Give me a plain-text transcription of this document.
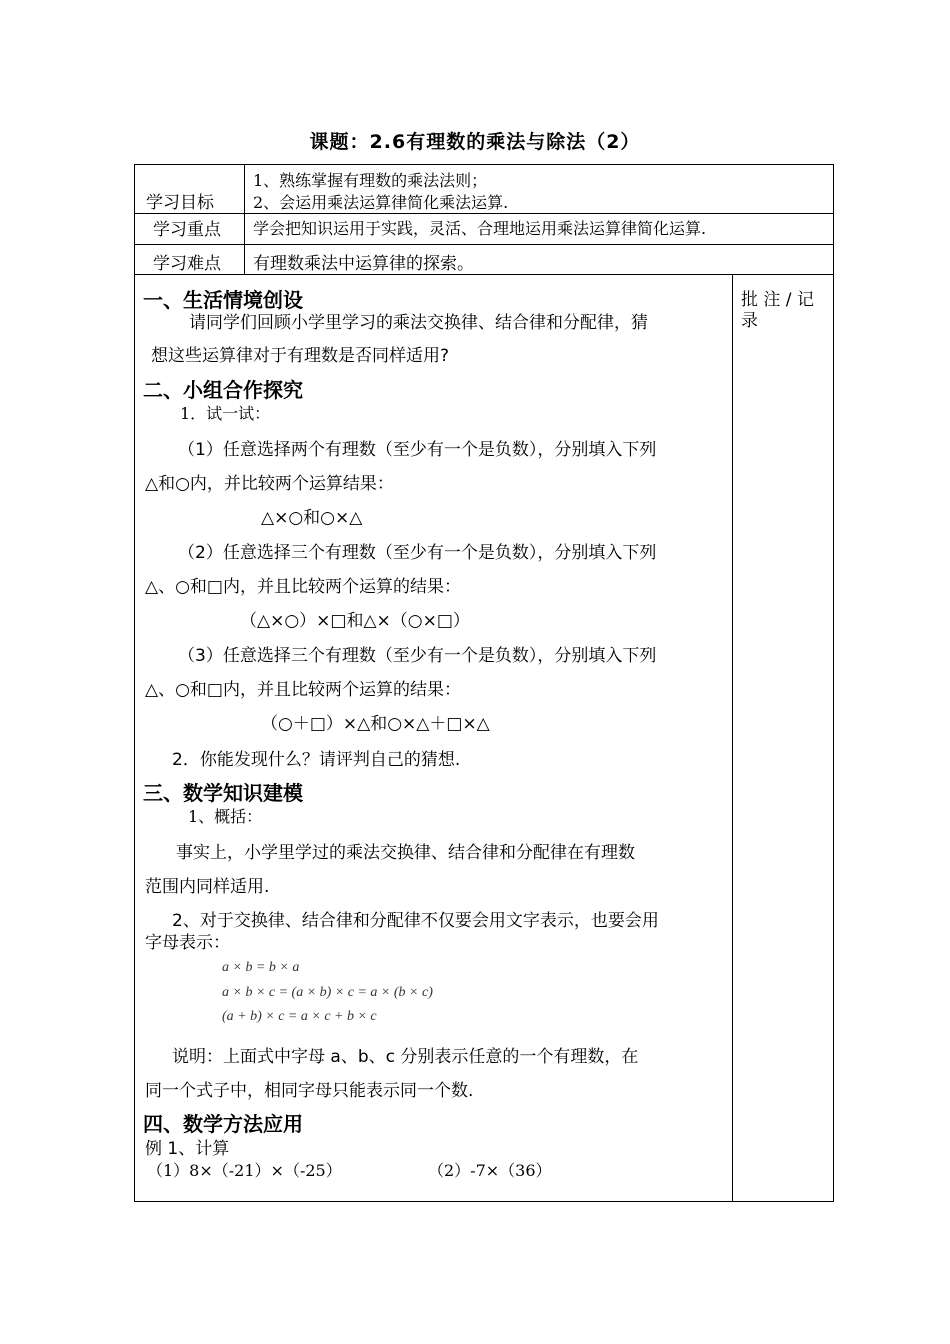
课题：2.6有理数的乘法与除法（2）
学习目标
1、熟练掌握有理数的乘法法则；
2、会运用乘法运算律简化乘法运算.
学习重点 学会把知识运用于实践，灵活、合理地运用乘法运算律简化运算.
学习难点 有理数乘法中运算律的探索。
批 注 / 记
录
一、生活情境创设
请同学们回顾小学里学习的乘法交换律、结合律和分配律，猜
想这些运算律对于有理数是否同样适用?
二、小组合作探究
1．试一试：
（1）任意选择两个有理数（至少有一个是负数），分别填入下列
△和○内，并比较两个运算结果：
△×○和○×△
（2）任意选择三个有理数（至少有一个是负数），分别填入下列
△、○和□内，并且比较两个运算的结果：
（△×○）×□和△×（○×□）
（3）任意选择三个有理数（至少有一个是负数），分别填入下列
△、○和□内，并且比较两个运算的结果：
（○＋□）×△和○×△＋□×△
2．你能发现什么？请评判自己的猜想.
三、数学知识建模
1、概括：
事实上，小学里学过的乘法交换律、结合律和分配律在有理数
范围内同样适用.
2、对于交换律、结合律和分配律不仅要会用文字表示，也要会用
字母表示：
a × b = b × a
a × b × c = (a × b) × c = a × (b × c)
(a + b) × c = a × c + b × c
说明：上面式中字母 a、b、c 分别表示任意的一个有理数，在
同一个式子中，相同字母只能表示同一个数.
四、数学方法应用
例 1、计算
（1）8×（-21）×（-25）	（2）-7×（36）
